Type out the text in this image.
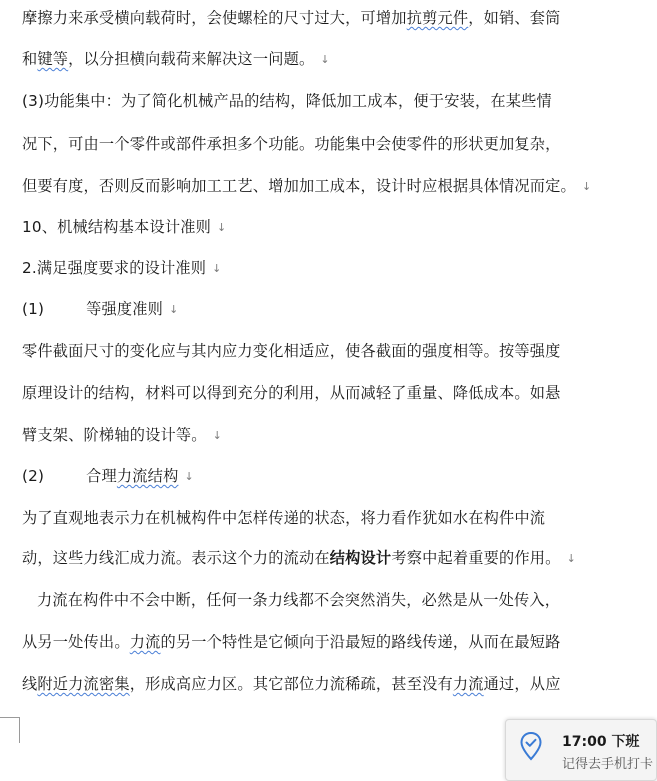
摩擦力来承受横向载荷时，会使螺栓的尺寸过大，可增加抗剪元件，如销、套筒
和键等，以分担横向载荷来解决这一问题。 ↓
(3)功能集中：为了简化机械产品的结构，降低加工成本，便于安装，在某些情
况下，可由一个零件或部件承担多个功能。功能集中会使零件的形状更加复杂，
但要有度，否则反而影响加工工艺、增加加工成本，设计时应根据具体情况而定。 ↓
10、机械结构基本设计准则 ↓
2.满足强度要求的设计准则 ↓
(1)	等强度准则 ↓
零件截面尺寸的变化应与其内应力变化相适应，使各截面的强度相等。按等强度
原理设计的结构，材料可以得到充分的利用，从而减轻了重量、降低成本。如悬
臂支架、阶梯轴的设计等。 ↓
(2)	合理力流结构 ↓
为了直观地表示力在机械构件中怎样传递的状态，将力看作犹如水在构件中流
动，这些力线汇成力流。表示这个力的流动在结构设计考察中起着重要的作用。 ↓
力流在构件中不会中断，任何一条力线都不会突然消失，必然是从一处传入，
从另一处传出。力流的另一个特性是它倾向于沿最短的路线传递，从而在最短路
线附近力流密集，形成高应力区。其它部位力流稀疏，甚至没有力流通过，从应
17:00 下班
记得去手机打卡
